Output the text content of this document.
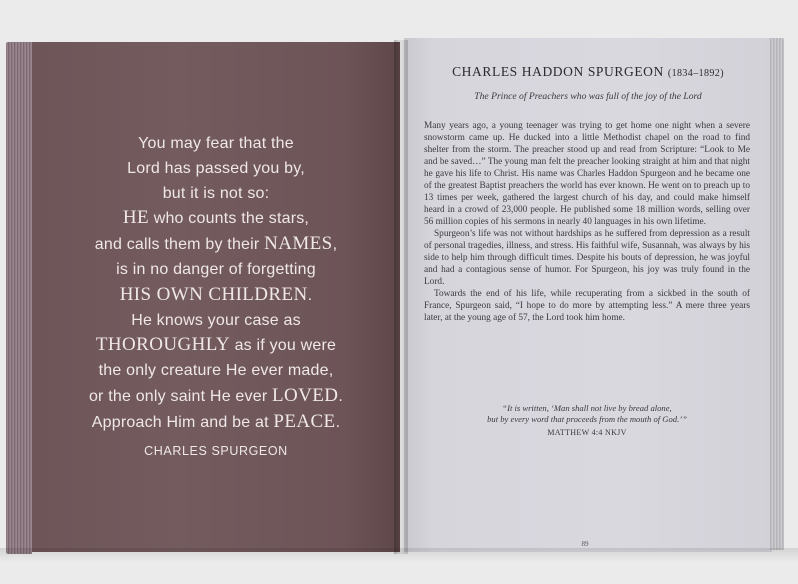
You may fear that the
Lord has passed you by,
but it is not so:
HE who counts the stars,
and calls them by their NAMES,
is in no danger of forgetting
HIS OWN CHILDREN.
He knows your case as
THOROUGHLY as if you were
the only creature He ever made,
or the only saint He ever LOVED.
Approach Him and be at PEACE.
CHARLES SPURGEON
CHARLES HADDON SPURGEON (1834–1892)
The Prince of Preachers who was full of the joy of the Lord

Many years ago, a young teenager was trying to get home one night when a severe snowstorm came up. He ducked into a little Methodist chapel on the road to find shelter from the storm. The preacher stood up and read from Scripture: “Look to Me and be saved…” The young man felt the preacher looking straight at him and that night he gave his life to Christ. His name was Charles Haddon Spurgeon and he became one of the greatest Baptist preachers the world has ever known. He went on to preach up to 13 times per week, gathered the largest church of his day, and could make himself heard in a crowd of 23,000 people. He published some 18 million words, selling over 56 million copies of his sermons in nearly 40 languages in his own lifetime.

Spurgeon’s life was not without hardships as he suffered from depression as a result of personal tragedies, illness, and stress. His faithful wife, Susannah, was always by his side to help him through difficult times. Despite his bouts of depression, he was joyful and had a contagious sense of humor. For Spurgeon, his joy was truly found in the Lord.

Towards the end of his life, while recuperating from a sickbed in the south of France, Spurgeon said, “I hope to do more by attempting less.” A mere three years later, at the young age of 57, the Lord took him home.

“It is written, ‘Man shall not live by bread alone,
but by every word that proceeds from the mouth of God.’”
MATTHEW 4:4 NKJV
89
